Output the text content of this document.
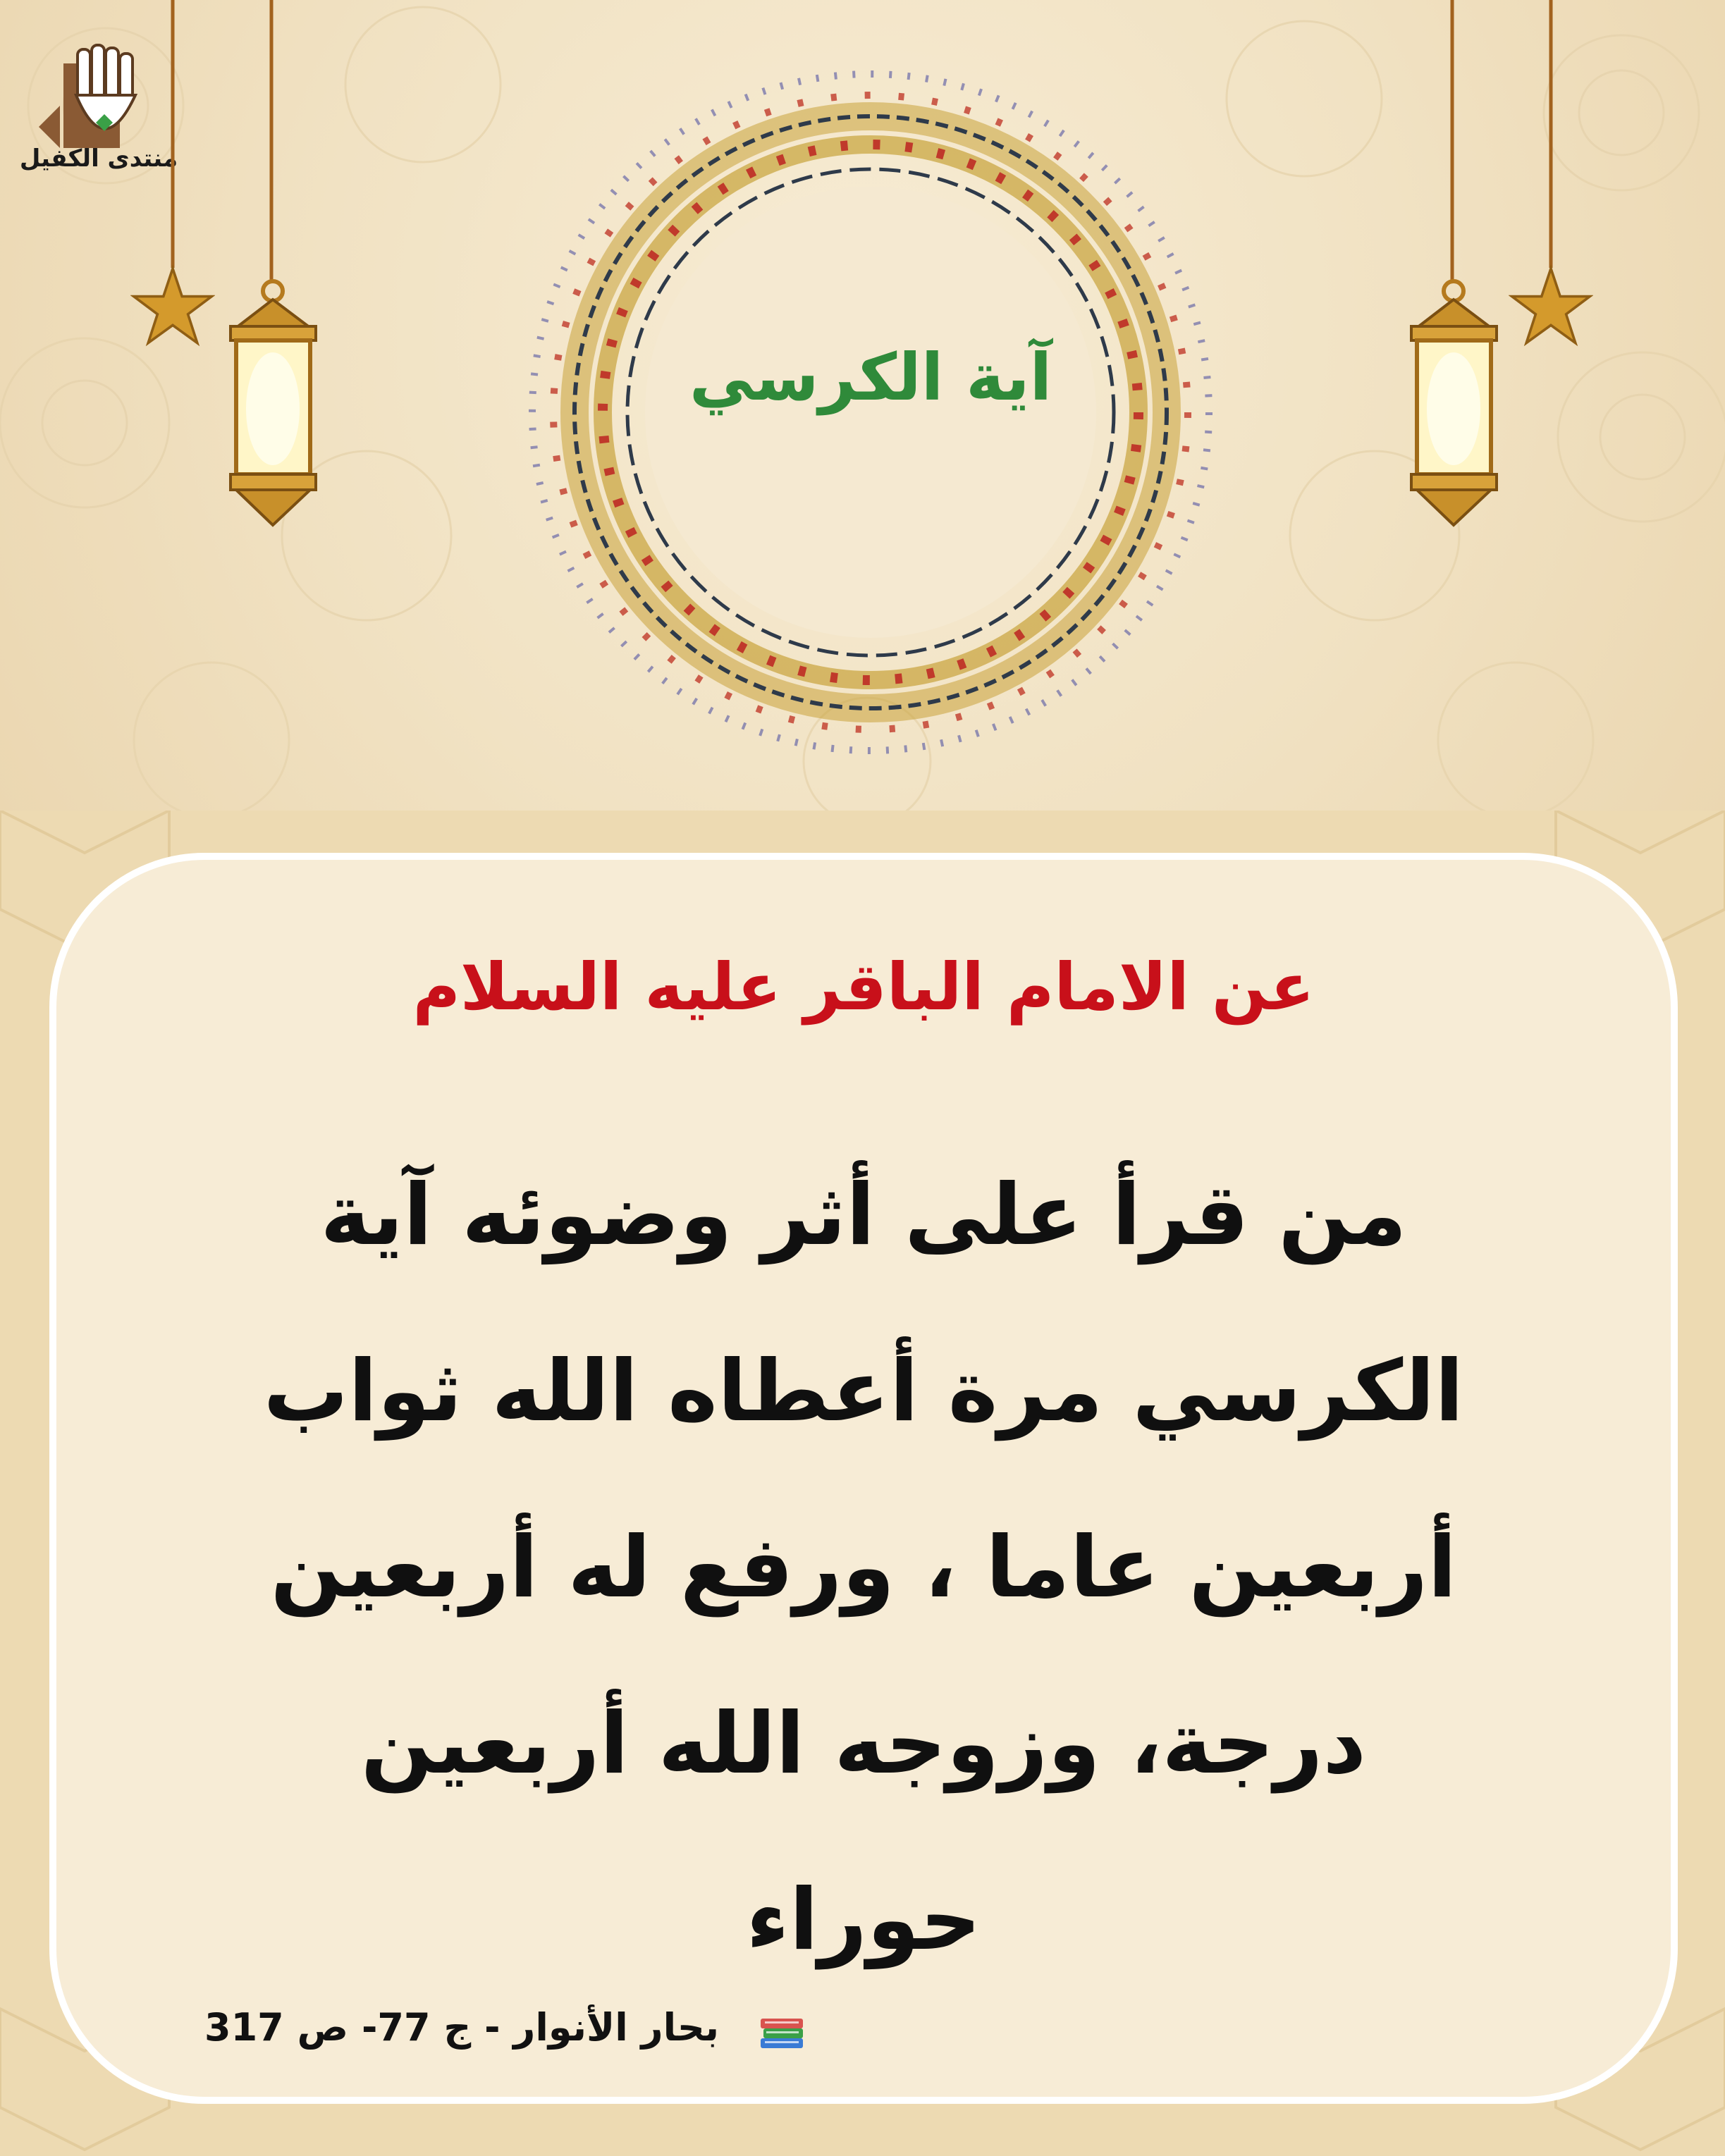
منتدى الكفيل
آية الكرسي
عن الامام الباقر عليه السلام
من قرأ على أثر وضوئه آية
الكرسي مرة أعطاه الله ثواب
أربعين عاما ، ورفع له أربعين
درجة، وزوجه الله أربعين
حوراء
بحار الأنوار - ج 77- ص 317
